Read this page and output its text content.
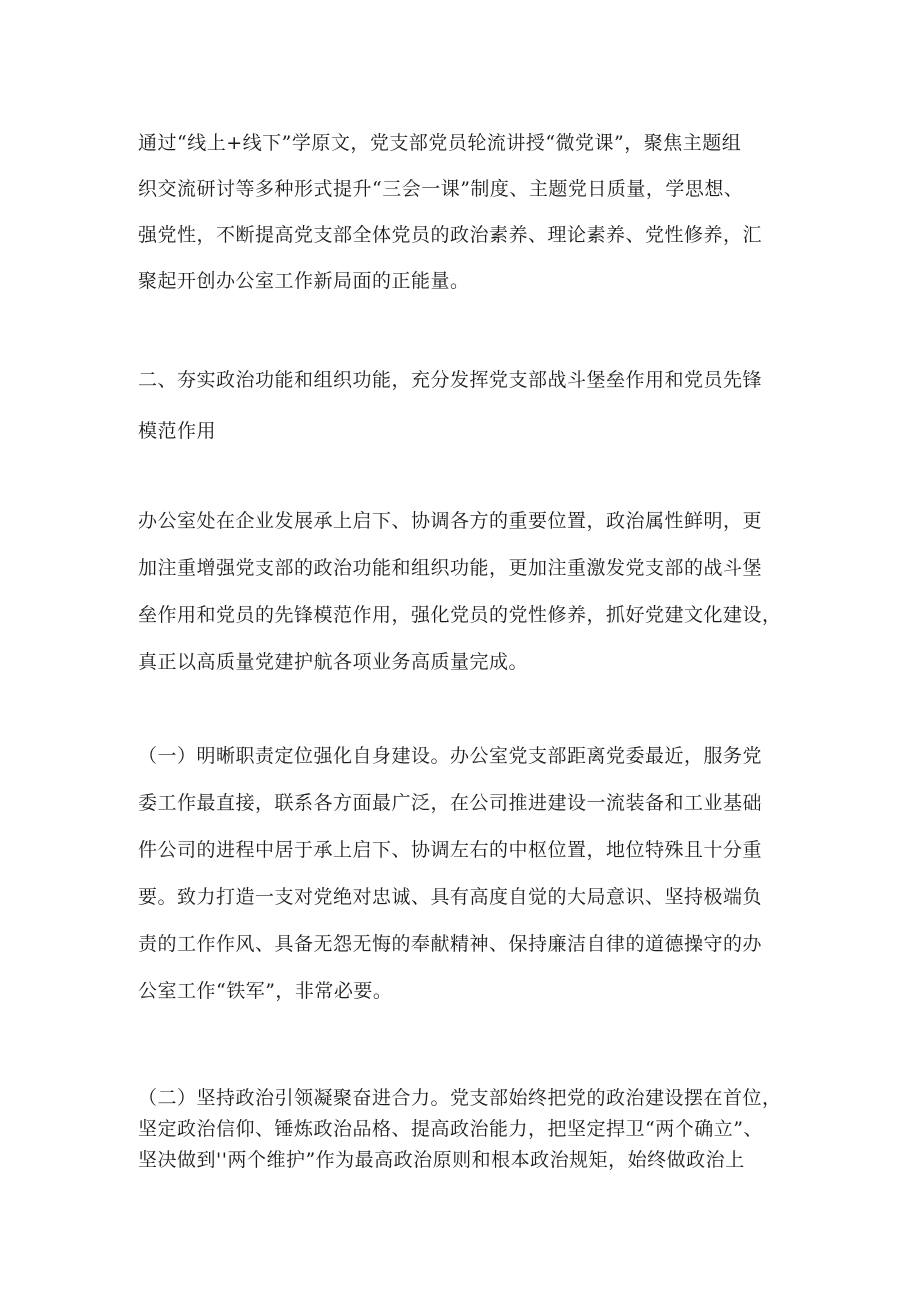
通过“线上+线下”学原文，党支部党员轮流讲授“微党课”，聚焦主题组
织交流研讨等多种形式提升“三会一课”制度、主题党日质量，学思想、
强党性，不断提高党支部全体党员的政治素养、理论素养、党性修养，汇
聚起开创办公室工作新局面的正能量。

二、夯实政治功能和组织功能，充分发挥党支部战斗堡垒作用和党员先锋
模范作用

办公室处在企业发展承上启下、协调各方的重要位置，政治属性鲜明，更
加注重增强党支部的政治功能和组织功能，更加注重激发党支部的战斗堡
垒作用和党员的先锋模范作用，强化党员的党性修养，抓好党建文化建设，
真正以高质量党建护航各项业务高质量完成。

（一）明晰职责定位强化自身建设。办公室党支部距离党委最近，服务党
委工作最直接，联系各方面最广泛，在公司推进建设一流装备和工业基础
件公司的进程中居于承上启下、协调左右的中枢位置，地位特殊且十分重
要。致力打造一支对党绝对忠诚、具有高度自觉的大局意识、坚持极端负
责的工作作风、具备无怨无悔的奉献精神、保持廉洁自律的道德操守的办
公室工作“铁军”，非常必要。

（二）坚持政治引领凝聚奋进合力。党支部始终把党的政治建设摆在首位，
坚定政治信仰、锤炼政治品格、提高政治能力，把坚定捍卫“两个确立”、
坚决做到''两个维护”作为最高政治原则和根本政治规矩，始终做政治上
